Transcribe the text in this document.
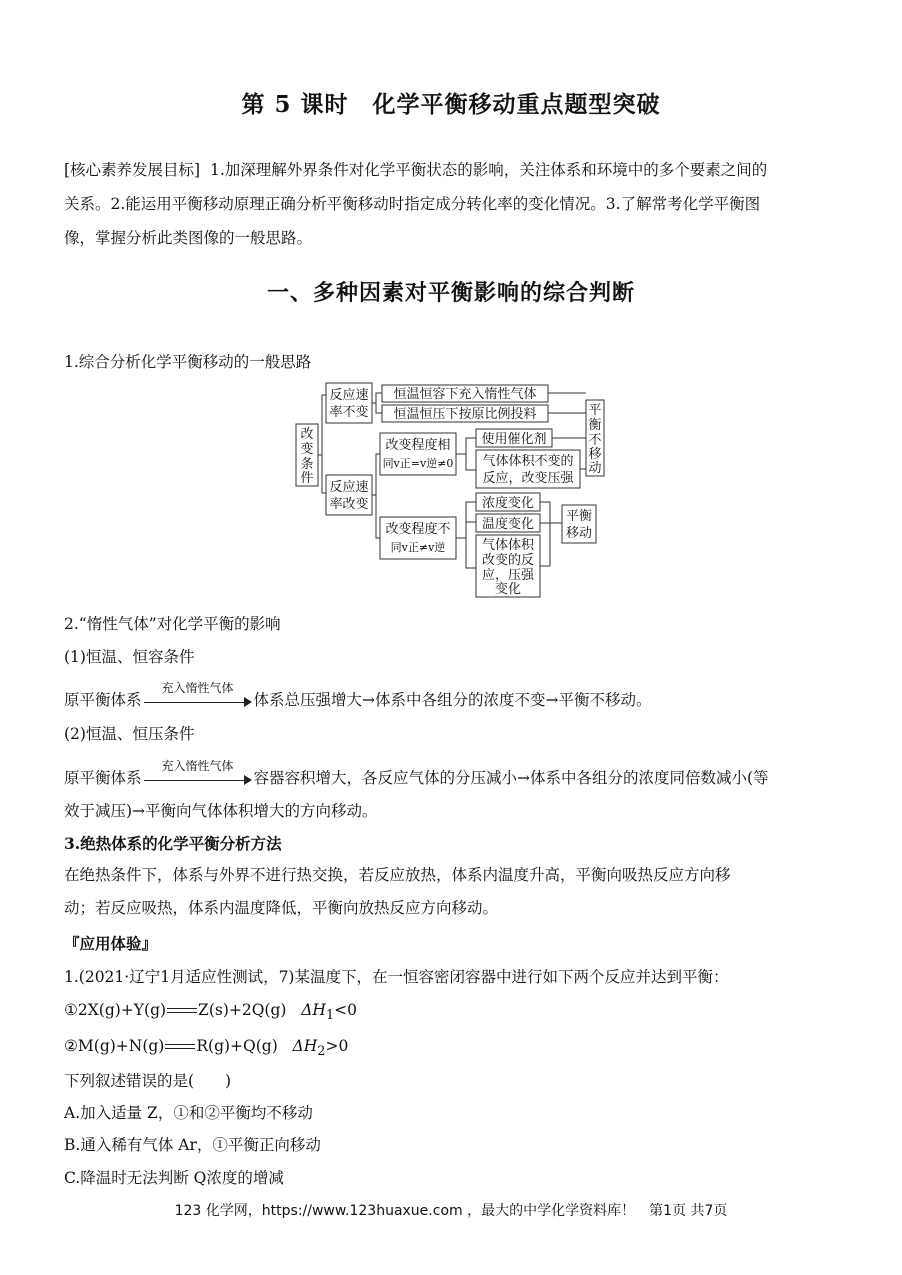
第 5 课时　化学平衡移动重点题型突破
[核心素养发展目标] 1.加深理解外界条件对化学平衡状态的影响，关注体系和环境中的多个要素之间的
关系。2.能运用平衡移动原理正确分析平衡移动时指定成分转化率的变化情况。3.了解常考化学平衡图
像，掌握分析此类图像的一般思路。
一、多种因素对平衡影响的综合判断
1.综合分析化学平衡移动的一般思路
改
变
条
件
反应速
率不变
反应速
率改变
恒温恒容下充入惰性气体
恒温恒压下按原比例投料
改变程度相
同v正=v逆≠0
改变程度不
同v正≠v逆
使用催化剂
气体体积不变的
反应，改变压强
平
衡
不
移
动
浓度变化
温度变化
气体体积
改变的反
应，压强
变化
平衡
移动
2.“惰性气体”对化学平衡的影响
(1)恒温、恒容条件
原平衡体系
充入惰性气体
体系总压强增大→体系中各组分的浓度不变→平衡不移动。
(2)恒温、恒压条件
原平衡体系
充入惰性气体
容器容积增大，各反应气体的分压减小→体系中各组分的浓度同倍数减小(等
效于减压)→平衡向气体体积增大的方向移动。
3.绝热体系的化学平衡分析方法
在绝热条件下，体系与外界不进行热交换，若反应放热，体系内温度升高，平衡向吸热反应方向移
动；若反应吸热，体系内温度降低，平衡向放热反应方向移动。
『应用体验』
1.(2021·辽宁1月适应性测试，7)某温度下，在一恒容密闭容器中进行如下两个反应并达到平衡：
①2X(g)+Y(g) Z(s)+2Q(g) $\Delta H_1<0$
②M(g)+N(g) R(g)+Q(g) $\Delta H_2>0$
下列叙述错误的是(　　)
A.加入适量 Z，①和②平衡均不移动
B.通入稀有气体 Ar，①平衡正向移动
C.降温时无法判断 Q浓度的增减
123 化学网，https://www.123huaxue.com ，最大的中学化学资料库！　第1页 共7页
